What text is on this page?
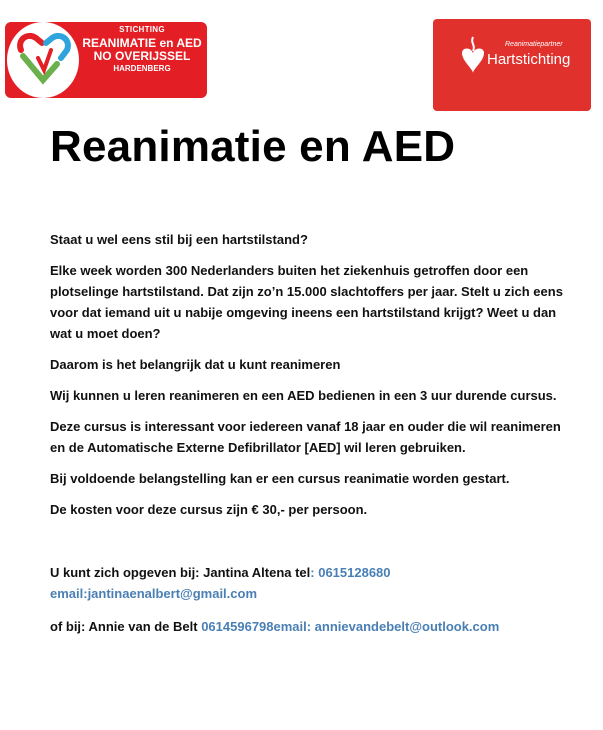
STICHTING
REANIMATIE en AED
NO OVERIJSSEL
HARDENBERG
Reanimatiepartner
Hartstichting
Reanimatie en AED

Staat u wel eens stil bij een hartstilstand?

Elke week worden 300 Nederlanders buiten het ziekenhuis getroffen door een plotselinge hartstilstand. Dat zijn zo’n 15.000 slachtoffers per jaar. Stelt u zich eens voor dat iemand uit u nabije omgeving ineens een hartstilstand krijgt? Weet u dan wat u moet doen?

Daarom is het belangrijk dat u kunt reanimeren

Wij kunnen u leren reanimeren en een AED bedienen in een 3 uur durende cursus.

Deze cursus is interessant voor iedereen vanaf 18 jaar en ouder die wil reanimeren en de Automatische Externe Defibrillator [AED] wil leren gebruiken.

Bij voldoende belangstelling kan er een cursus reanimatie worden gestart.

De kosten voor deze cursus zijn € 30,- per persoon.

U kunt zich opgeven bij: Jantina Altena tel: 0615128680
email:jantinaenalbert@gmail.com

of bij: Annie van de Belt 0614596798email: annievandebelt@outlook.com
